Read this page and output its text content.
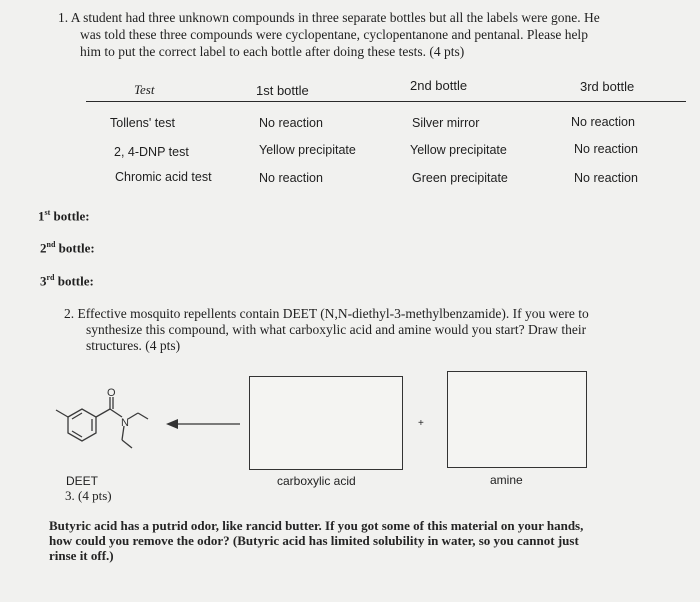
1. A student had three unknown compounds in three separate bottles but all the labels were gone. He
was told these three compounds were cyclopentane, cyclopentanone and pentanal. Please help
him to put the correct label to each bottle after doing these tests. (4 pts)
Test	1st bottle	2nd bottle	3rd bottle
Tollens' test	No reaction	Silver mirror	No reaction
2, 4-DNP test	Yellow precipitate	Yellow precipitate	No reaction
Chromic acid test	No reaction	Green precipitate	No reaction
1st bottle:
2nd bottle:
3rd bottle:
2. Effective mosquito repellents contain DEET (N,N-diethyl-3-methylbenzamide). If you were to
synthesize this compound, with what carboxylic acid and amine would you start? Draw their
structures. (4 pts)
O
N	+
DEET	carboxylic acid	amine
3. (4 pts)
Butyric acid has a putrid odor, like rancid butter. If you got some of this material on your hands,
how could you remove the odor? (Butyric acid has limited solubility in water, so you cannot just
rinse it off.)
